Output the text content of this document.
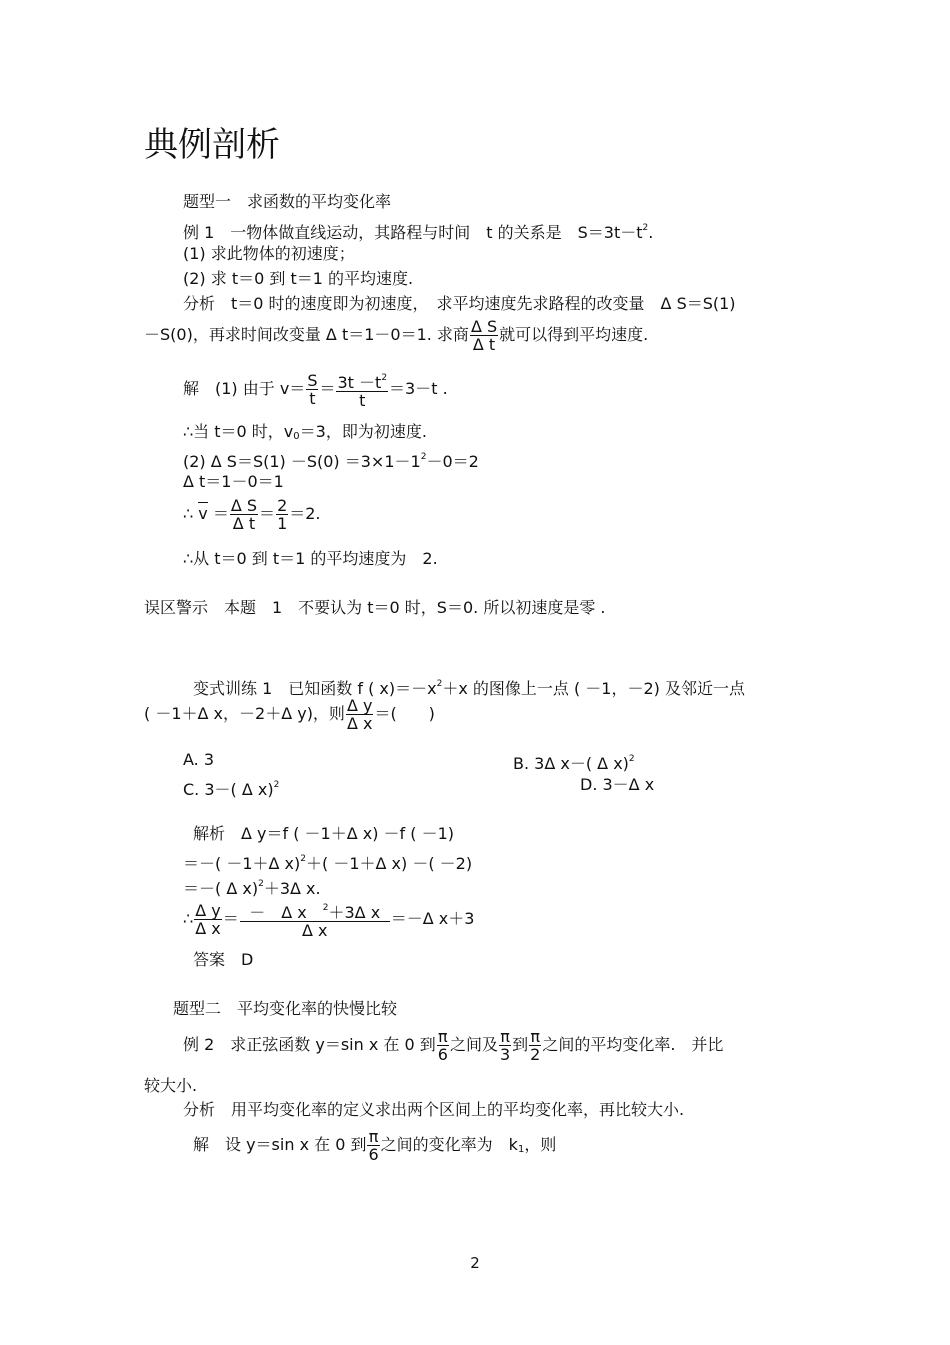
典例剖析
题型一　求函数的平均变化率
例 1　一物体做直线运动，其路程与时间　t 的关系是　$S=3t-t^2$.
(1) 求此物体的初速度；
(2) 求 t＝0 到 t＝1 的平均速度.
分析　t＝0 时的速度即为初速度，　求平均速度先求路程的改变量　Δ S＝S(1)
－S(0)，再求时间改变量 Δ t＝1－0＝1. 求商 $\frac{\text{Δ S}}{\text{Δ t}}$ 就可以得到平均速度.
解　(1) 由于 $v= \frac{S}{t} = \frac{3t -t^2}{t} =3-t$ .
∴当 t＝0 时，$v_0=3$，即为初速度.
(2) Δ $S=S(1) -S(0) =3\times 1-1^2-0=2$
Δ t＝1－0＝1
∴ $v = \frac{\text{Δ S}}{\text{Δ t}} = \frac{2}{1} =2$.
∴从 t＝0 到 t＝1 的平均速度为　2.
误区警示　本题　1　不要认为 t＝0 时，S＝0. 所以初速度是零 .
变式训练 1　已知函数 f ( $x)=-x^2+x$ 的图像上一点 ( －1，－2) 及邻近一点
( －1＋Δ x，－2＋Δ y)，则 $\frac{\text{Δ y}}{\text{Δ x}}$ ＝(　　)
A. 3	B. 3Δ x－( Δ x)$^2$
C. 3－( Δ x)$^2$	D. 3－Δ x
解析　Δ y＝f ( －1＋Δ x) －f ( －1)
＝－( －1＋Δ x)$^2$＋( －1＋Δ x) －( －2)
＝－( Δ x)$^2$＋3Δ x.
∴ $\frac{\text{Δ y}}{\text{Δ x}} = \frac{- \Delta x ^2+3\Delta x}{\text{Δ x}} =-\Delta$ x＋3
答案　D
题型二　平均变化率的快慢比较
例 2　求正弦函数 y＝sin x 在 0 到 $\frac{\pi}{6}$ 之间及 $\frac{\pi}{3}$ 到 $\frac{\pi}{2}$ 之间的平均变化率.　并比
较大小.
分析　用平均变化率的定义求出两个区间上的平均变化率，再比较大小.
解　设 y＝sin x 在 0 到 $\frac{\pi}{6}$ 之间的变化率为　$k_1$，则
2
